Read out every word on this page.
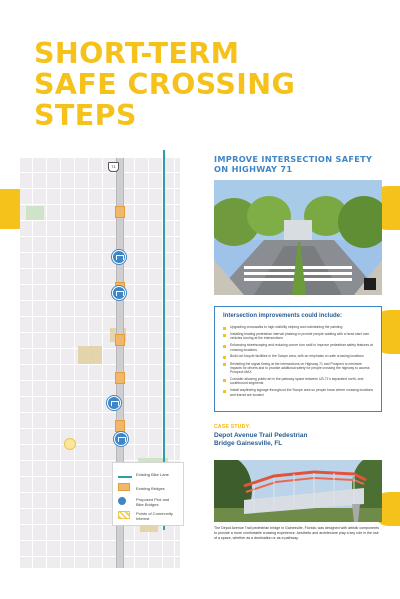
SHORT-TERM
SAFE CROSSING
STEPS
71
Existing Bike Lane
Existing Bridges
Proposed Ped and Bike Bridges
Points of Community Interest
IMPROVE INTERSECTION SAFETY
ON HIGHWAY 71
Intersection improvements could include:
Upgrading crosswalks to high-visibility striping and maintaining the painting
Installing leading pedestrian interval phasing to provide people walking with a head start over vehicles turning at the intersections
Enhancing streetscaping and reducing corner turn radii to improve pedestrian safety features at crossing locations
Build out bicycle facilities in the Swope area, with an emphasis on safe crossing locations
Revisiting the signal timing at the intersections on Highway 71 and Prospect to minimize impacts for drivers and to provide additional safety for people crossing the highway to access Prospect MAX
Consider allowing public art in the parkway space between US-71's separated north- and southbound segments
Install wayfinding signage throughout the Swope area so people know where crossing locations and transit are located

CASE STUDY:

Depot Avenue Trail Pedestrian
Bridge Gainesville, FL

The Depot Avenue Trail pedestrian bridge in Gainesville, Florida, was designed with artistic components to provide a more comfortable crossing experience. Aesthetic and architecture play a key role in the use of a space, whether as a destination or as a pathway.
